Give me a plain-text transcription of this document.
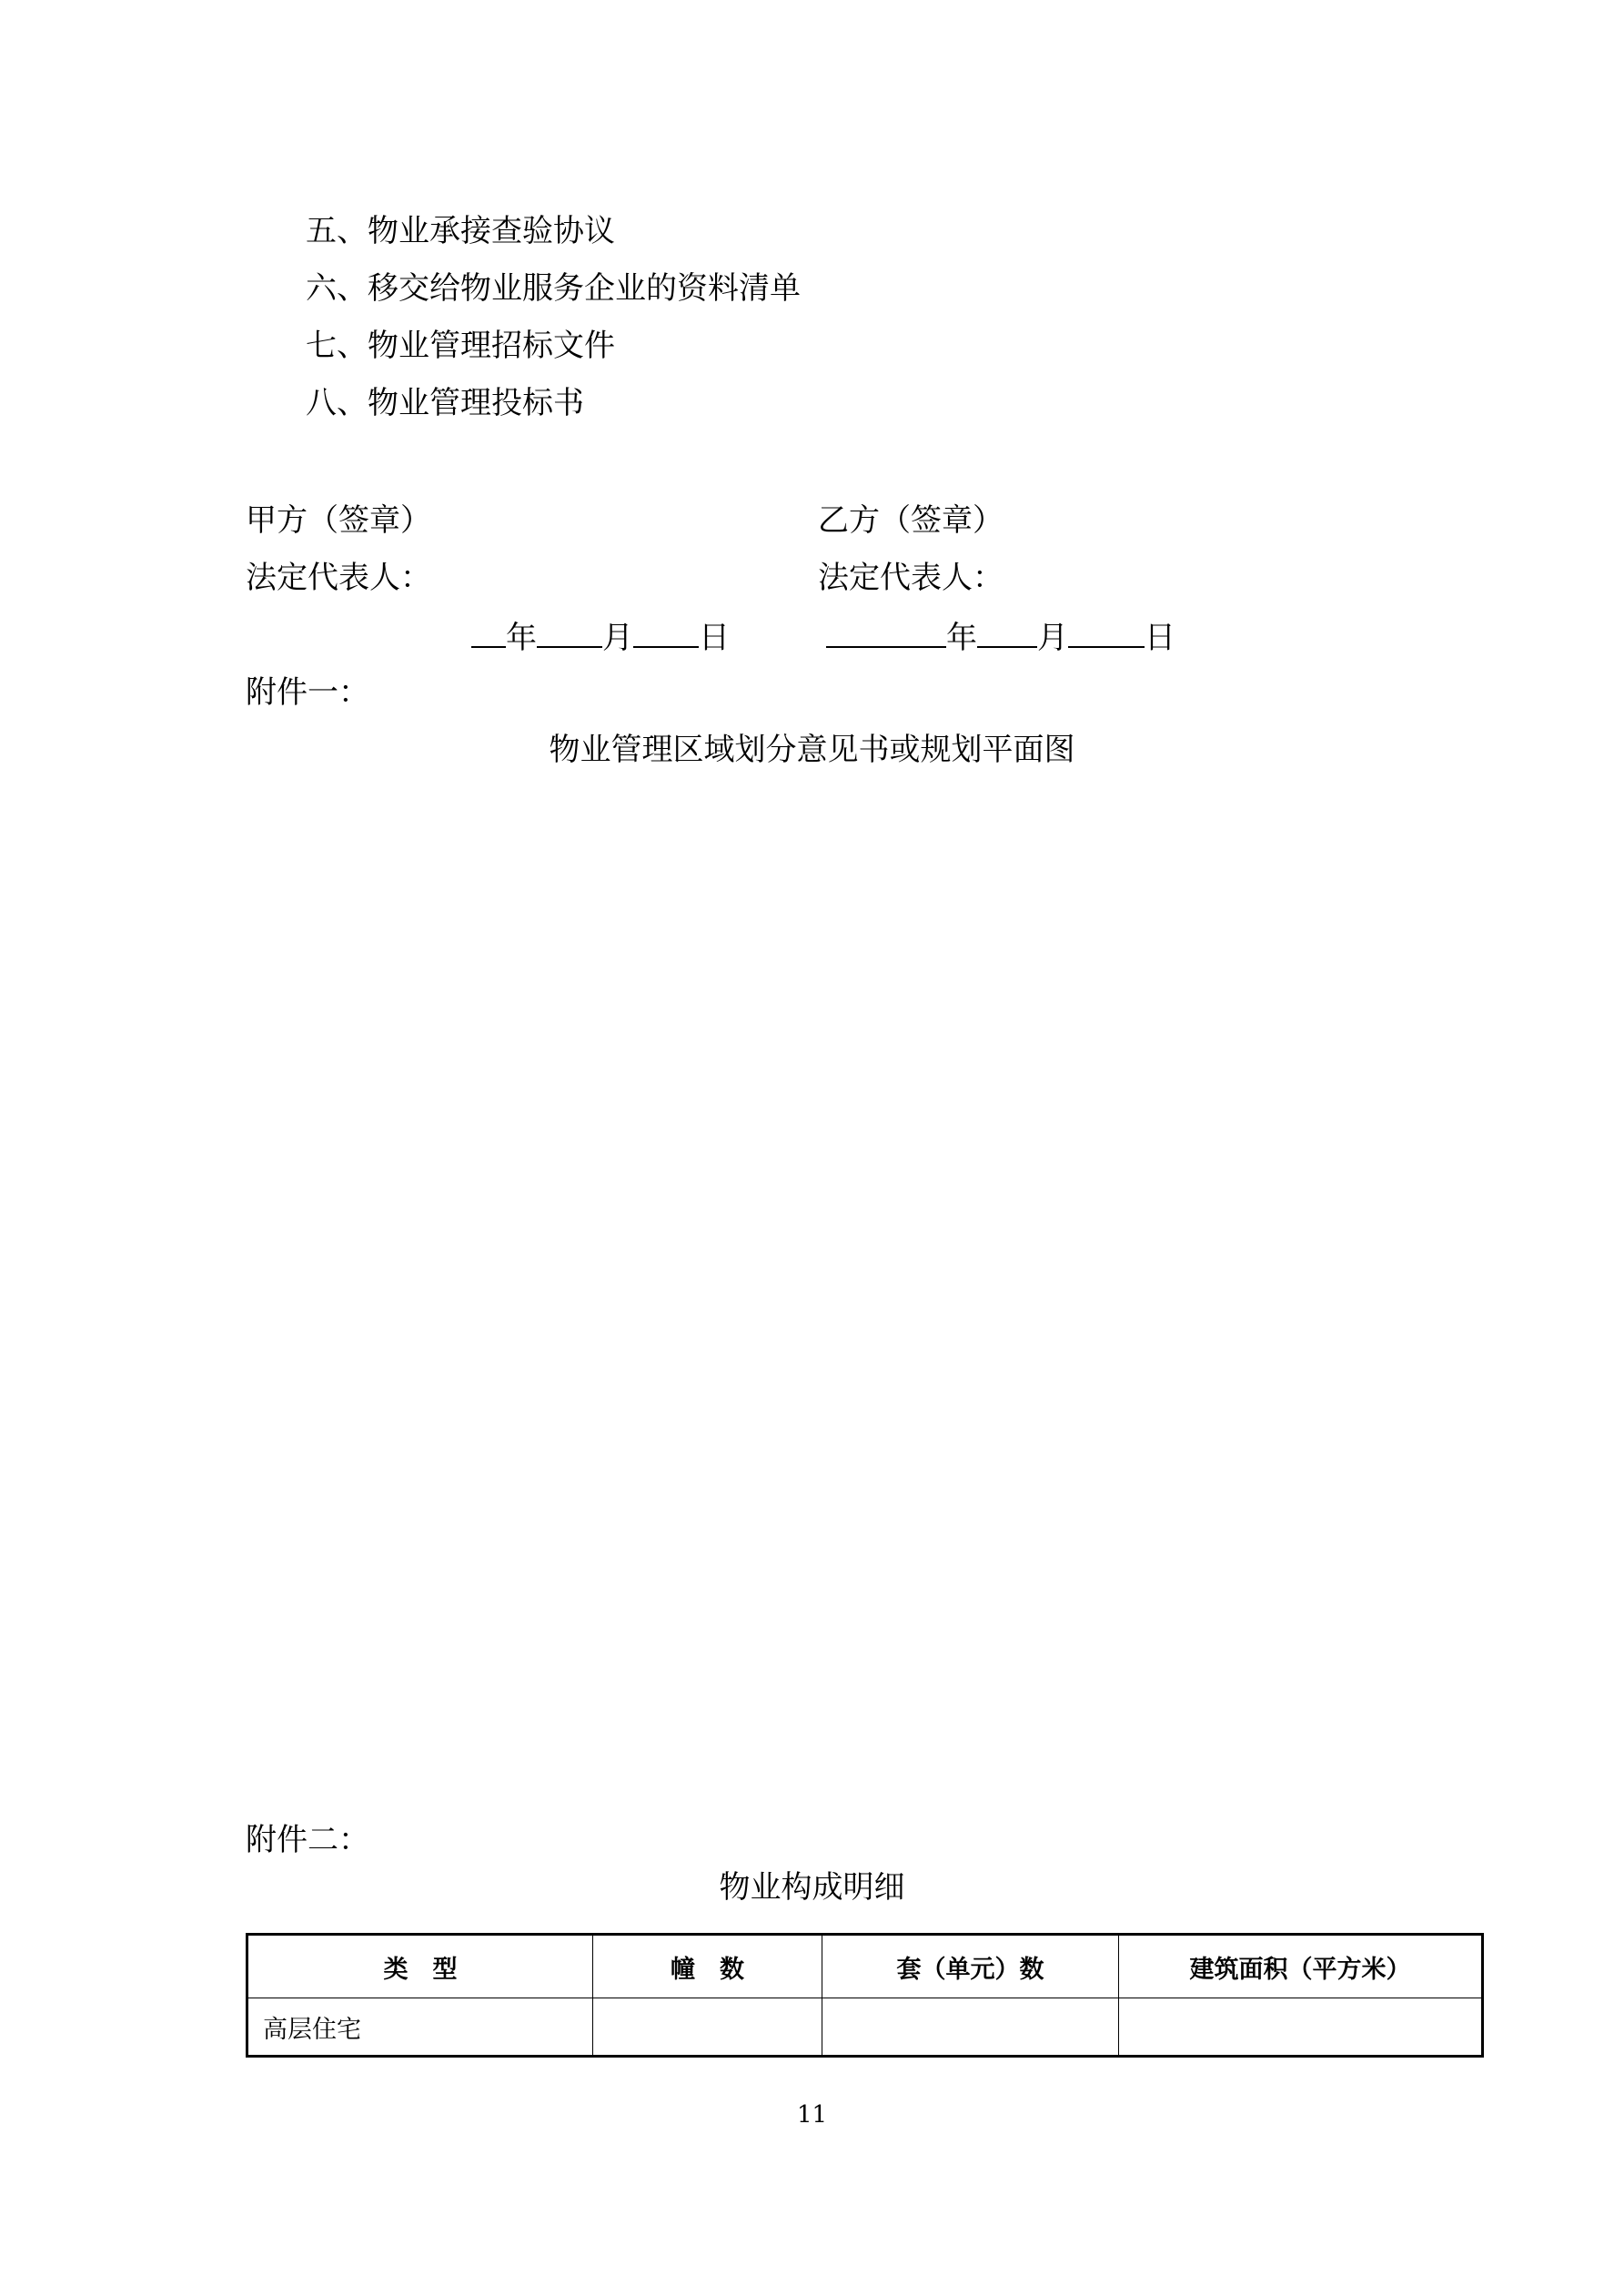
五、物业承接查验协议
六、移交给物业服务企业的资料清单
七、物业管理招标文件
八、物业管理投标书
甲方（签章）	乙方（签章）
法定代表人：	法定代表人：
年 月 日	年 月 日
附件一：
物业管理区域划分意见书或规划平面图
附件二：
物业构成明细
类　型	幢　数	套（单元）数	建筑面积（平方米）
高层住宅			
11
